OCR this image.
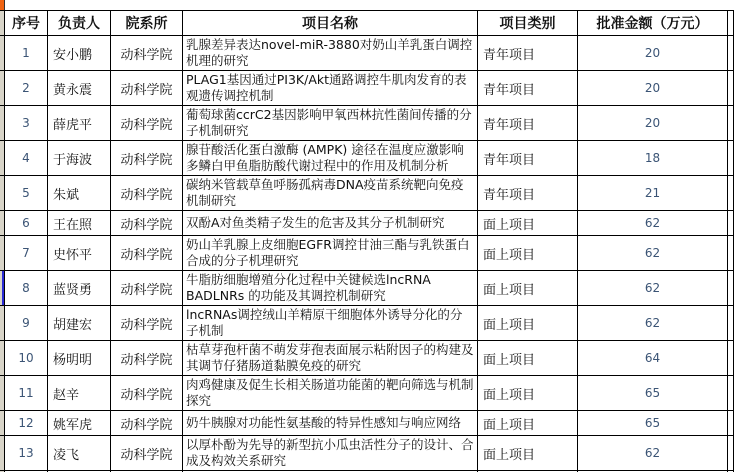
序号	负责人	院系所	项目名称	项目类别	批准金额（万元）	
1	安小鹏	动科学院	乳腺差异表达novel-miR-3880对奶山羊乳蛋白调控机理的研究	青年项目	20	
2	黄永震	动科学院	PLAG1基因通过PI3K/Akt通路调控牛肌肉发育的表观遗传调控机制	青年项目	20	
3	薛虎平	动科学院	葡萄球菌ccrC2基因影响甲氧西林抗性菌间传播的分子机制研究	青年项目	20	
4	于海波	动科学院	腺苷酸活化蛋白激酶 (AMPK) 途径在温度应激影响多鳞白甲鱼脂肪酸代谢过程中的作用及机制分析	青年项目	18	
5	朱斌	动科学院	碳纳米管载草鱼呼肠孤病毒DNA疫苗系统靶向免疫机制研究	青年项目	21	
6	王在照	动科学院	双酚A对鱼类精子发生的危害及其分子机制研究	面上项目	62	
7	史怀平	动科学院	奶山羊乳腺上皮细胞EGFR调控甘油三酯与乳铁蛋白合成的分子机理研究	面上项目	62	
8	蓝贤勇	动科学院	牛脂肪细胞增殖分化过程中关键候选lncRNA BADLNRs 的功能及其调控机制研究	面上项目	62	
9	胡建宏	动科学院	lncRNAs调控绒山羊精原干细胞体外诱导分化的分子机制	面上项目	62	
10	杨明明	动科学院	枯草芽孢杆菌不萌发芽孢表面展示粘附因子的构建及其调节仔猪肠道黏膜免疫的研究	面上项目	64	
11	赵辛	动科学院	肉鸡健康及促生长相关肠道功能菌的靶向筛选与机制探究	面上项目	65	
12	姚军虎	动科学院	奶牛胰腺对功能性氨基酸的特异性感知与响应网络	面上项目	65	
13	凌飞	动科学院	以厚朴酚为先导的新型抗小瓜虫活性分子的设计、合成及构效关系研究	面上项目	62	
